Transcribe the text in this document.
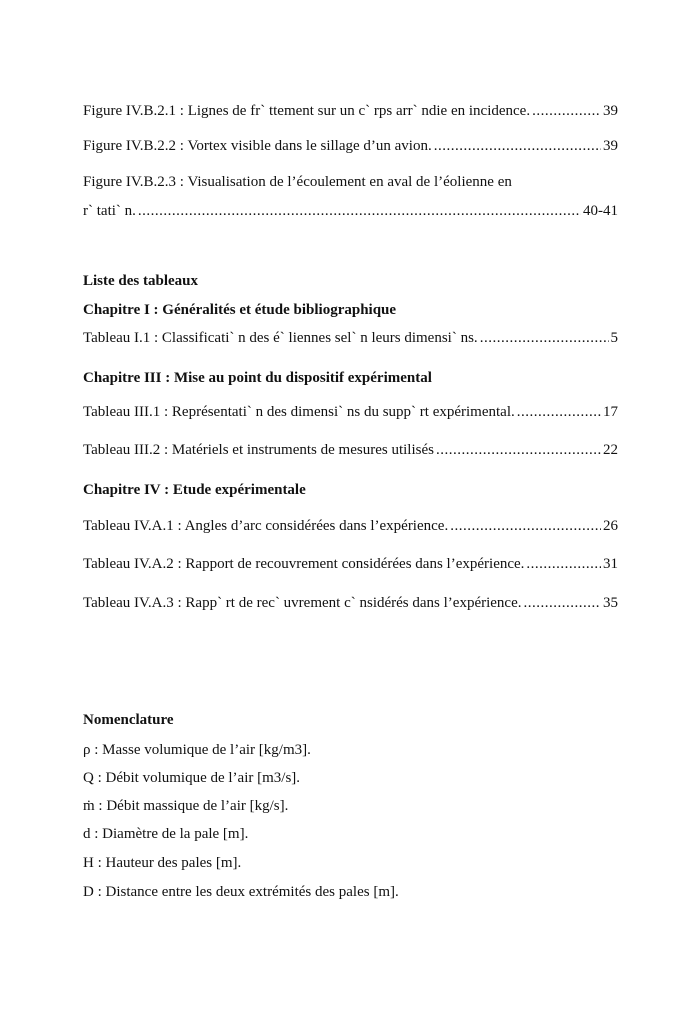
Figure IV.B.2.1 : Lignes de fr` ttement sur un c` rps arr` ndie en incidence. .....	39
Figure IV.B.2.2 : Vortex visible dans le sillage d’un avion. .....	39
Figure IV.B.2.3 : Visualisation de l’écoulement en aval de l’éolienne en
r` tati` n. .....	40-41
Liste des tableaux
Chapitre I : Généralités et étude bibliographique
Tableau I.1 : Classificati` n des é` liennes sel` n leurs dimensi` ns. .....	5
Chapitre III : Mise au point du dispositif expérimental
Tableau III.1 : Représentati` n des dimensi` ns du supp` rt expérimental. .....	17
Tableau III.2 : Matériels et instruments de mesures utilisés .....	22
Chapitre IV : Etude expérimentale
Tableau IV.A.1 : Angles d’arc considérées dans l’expérience. .....	26
Tableau IV.A.2 : Rapport de recouvrement considérées dans l’expérience. .....	31
Tableau IV.A.3 : Rapp` rt de rec` uvrement c` nsidérés dans l’expérience. .....	35
Nomenclature
ρ : Masse volumique de l’air [kg/m3].
Q : Débit volumique de l’air [m3/s].
ṁ : Débit massique de l’air [kg/s].
d : Diamètre de la pale [m].
H : Hauteur des pales [m].
D : Distance entre les deux extrémités des pales [m].
